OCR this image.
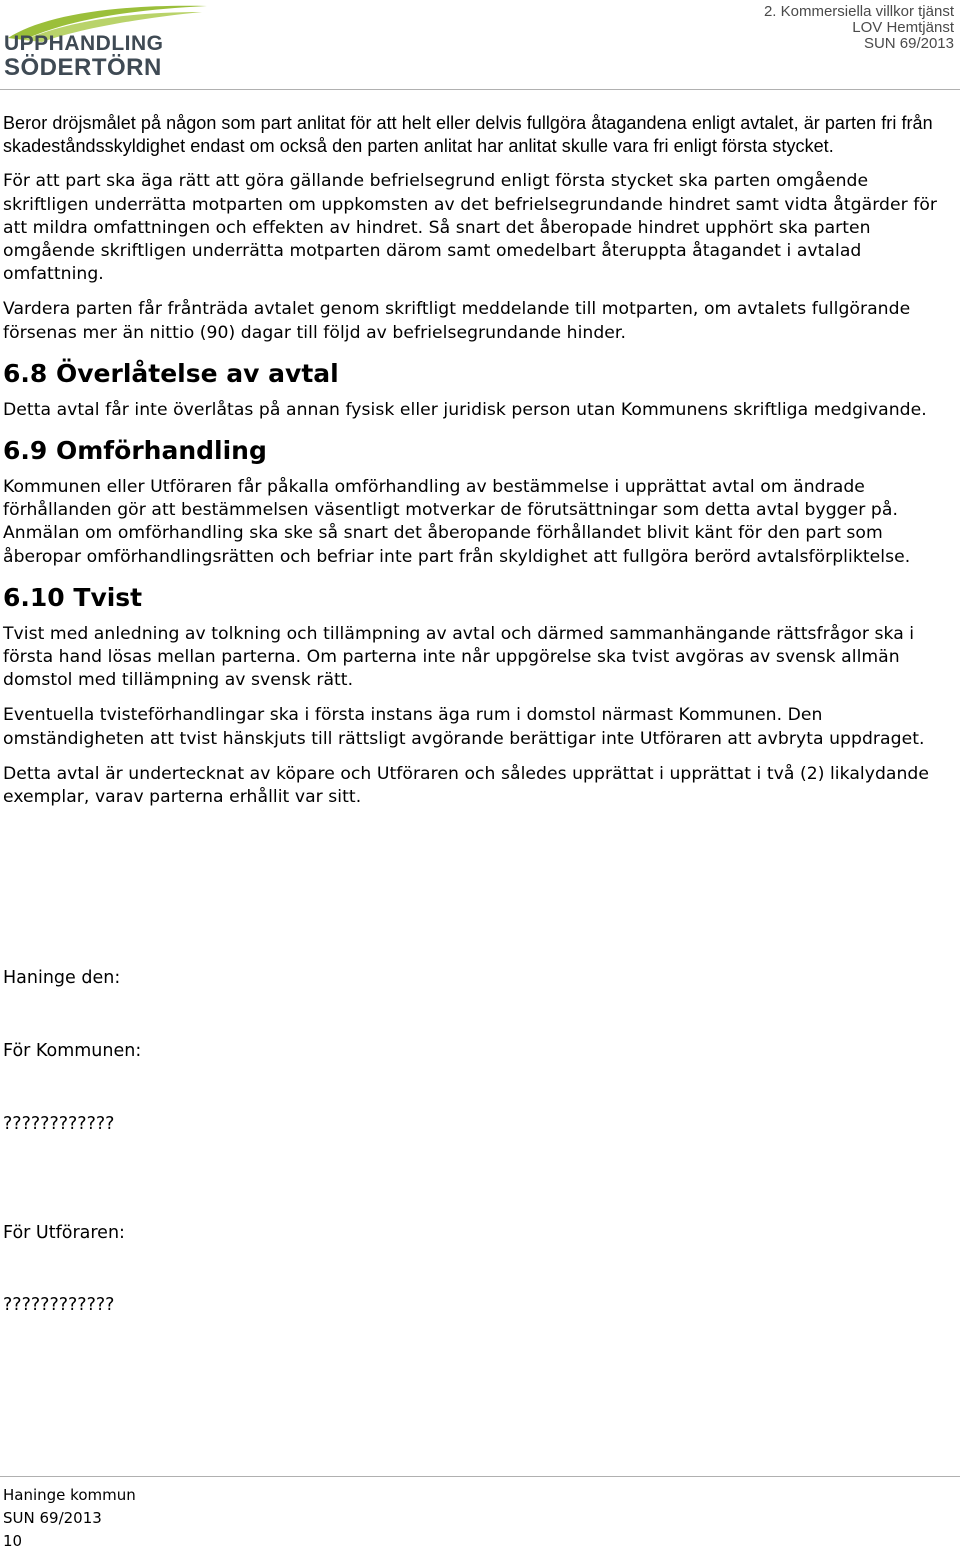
UPPHANDLING
SÖDERTÖRN
2. Kommersiella villkor tjänst
LOV Hemtjänst
SUN 69/2013

Beror dröjsmålet på någon som part anlitat för att helt eller delvis fullgöra åtagandena enligt avtalet, är parten fri från skadeståndsskyldighet endast om också den parten anlitat har anlitat skulle vara fri enligt första stycket.

För att part ska äga rätt att göra gällande befrielsegrund enligt första stycket ska parten omgående skriftligen underrätta motparten om uppkomsten av det befrielsegrundande hindret samt vidta åtgärder för att mildra omfattningen och effekten av hindret. Så snart det åberopade hindret upphört ska parten omgående skriftligen underrätta motparten därom samt omedelbart återuppta åtagandet i avtalad omfattning.

Vardera parten får frånträda avtalet genom skriftligt meddelande till motparten, om avtalets fullgörande försenas mer än nittio (90) dagar till följd av befrielsegrundande hinder.

6.8 Överlåtelse av avtal

Detta avtal får inte överlåtas på annan fysisk eller juridisk person utan Kommunens skriftliga medgivande.

6.9 Omförhandling

Kommunen eller Utföraren får påkalla omförhandling av bestämmelse i upprättat avtal om ändrade förhållanden gör att bestämmelsen väsentligt motverkar de förutsättningar som detta avtal bygger på. Anmälan om omförhandling ska ske så snart det åberopande förhållandet blivit känt för den part som åberopar omförhandlingsrätten och befriar inte part från skyldighet att fullgöra berörd avtalsförpliktelse.

6.10 Tvist

Tvist med anledning av tolkning och tillämpning av avtal och därmed sammanhängande rättsfrågor ska i första hand lösas mellan parterna. Om parterna inte når uppgörelse ska tvist avgöras av svensk allmän domstol med tillämpning av svensk rätt.

Eventuella tvisteförhandlingar ska i första instans äga rum i domstol närmast Kommunen. Den omständigheten att tvist hänskjuts till rättsligt avgörande berättigar inte Utföraren att avbryta uppdraget.

Detta avtal är undertecknat av köpare och Utföraren och således upprättat i upprättat i två (2) likalydande exemplar, varav parterna erhållit var sitt.

Haninge den:
För Kommunen:
????????????
För Utföraren:
????????????
Haninge kommun
SUN 69/2013
10
